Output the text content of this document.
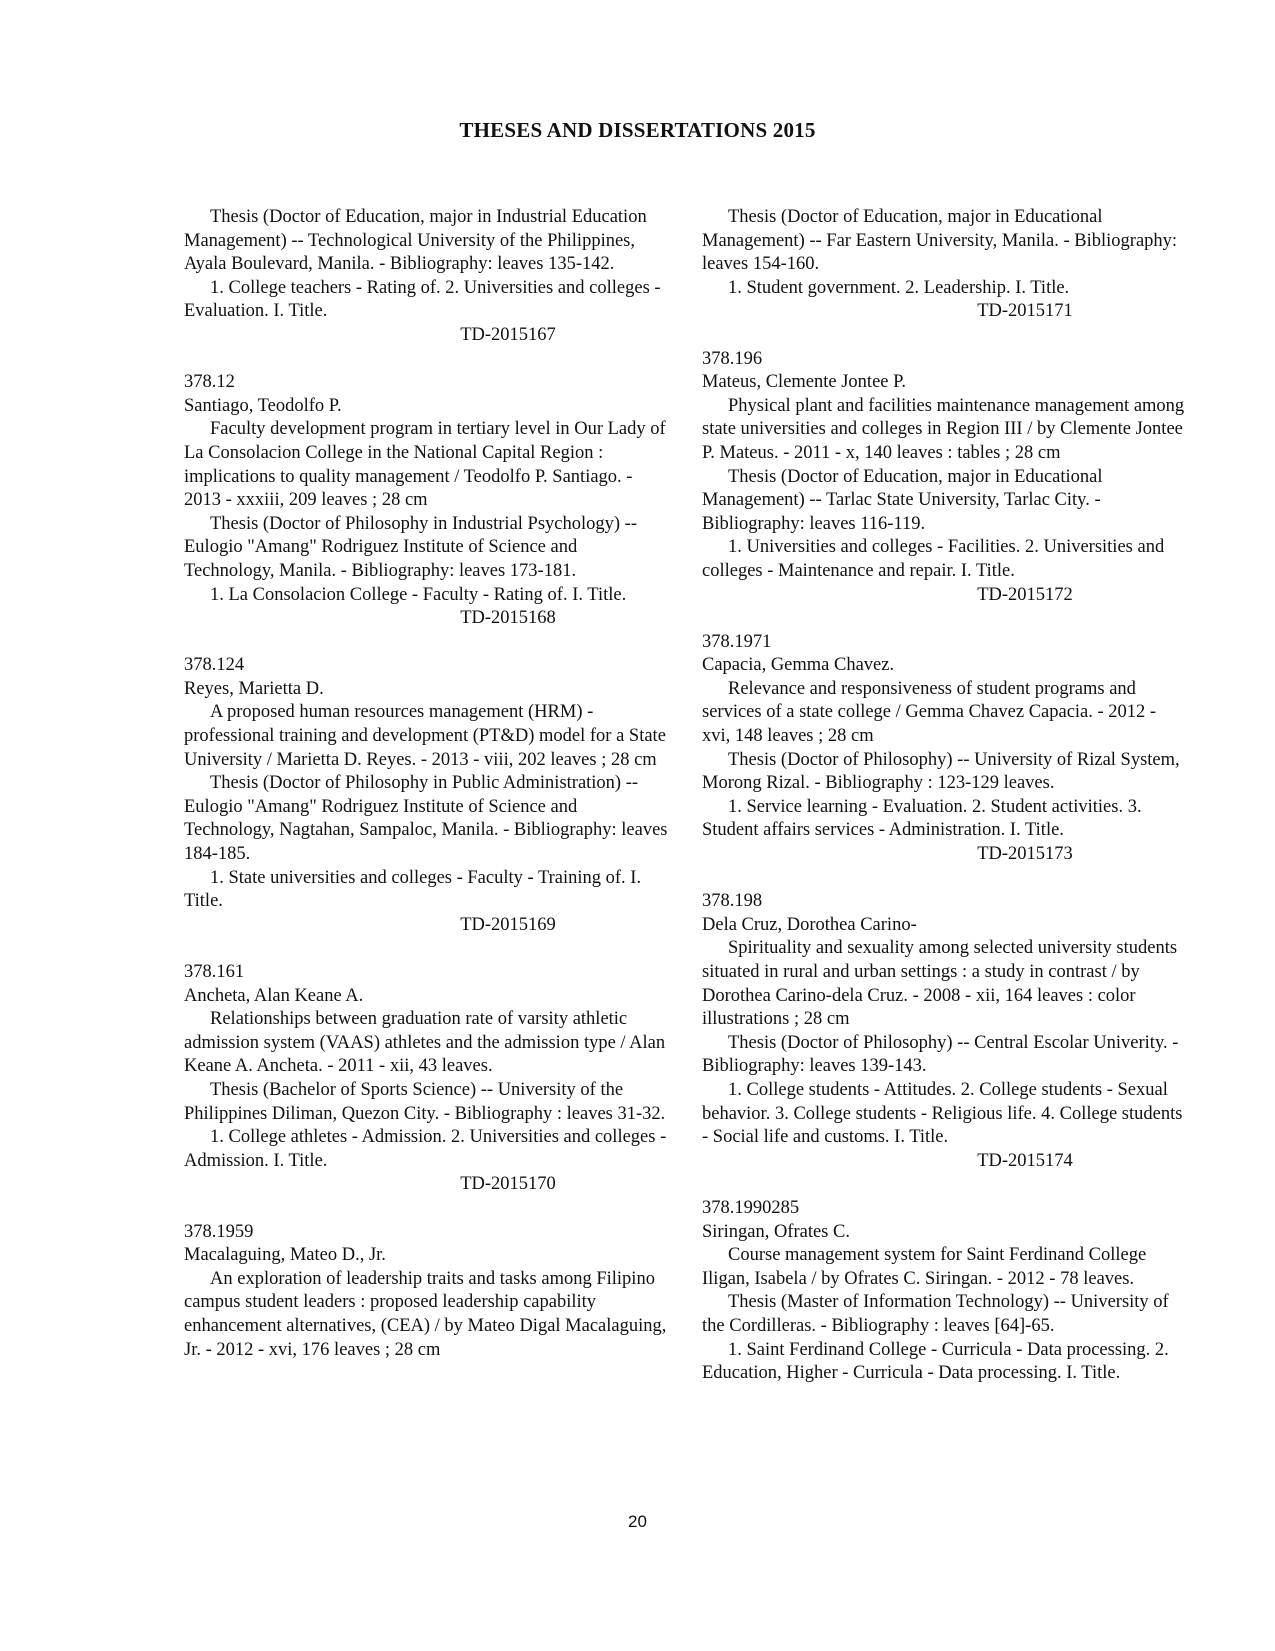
THESES AND DISSERTATIONS 2015

Thesis (Doctor of Education, major in Industrial Education Management) -- Technological University of the Philippines, Ayala Boulevard, Manila. - Bibliography: leaves 135-142.

1. College teachers - Rating of. 2. Universities and colleges - Evaluation. I. Title.

TD-2015167

378.12

Santiago, Teodolfo P.

Faculty development program in tertiary level in Our Lady of La Consolacion College in the National Capital Region : implications to quality management / Teodolfo P. Santiago. - 2013 - xxxiii, 209 leaves ; 28 cm

Thesis (Doctor of Philosophy in Industrial Psychology) -- Eulogio "Amang" Rodriguez Institute of Science and Technology, Manila. - Bibliography: leaves 173-181.

1. La Consolacion College - Faculty - Rating of. I. Title.

TD-2015168

378.124

Reyes, Marietta D.

A proposed human resources management (HRM) - professional training and development (PT&D) model for a State University / Marietta D. Reyes. - 2013 - viii, 202 leaves ; 28 cm

Thesis (Doctor of Philosophy in Public Administration) -- Eulogio "Amang" Rodriguez Institute of Science and Technology, Nagtahan, Sampaloc, Manila. - Bibliography: leaves 184-185.

1. State universities and colleges - Faculty - Training of. I. Title.

TD-2015169

378.161

Ancheta, Alan Keane A.

Relationships between graduation rate of varsity athletic admission system (VAAS) athletes and the admission type / Alan Keane A. Ancheta. - 2011 - xii, 43 leaves.

Thesis (Bachelor of Sports Science) -- University of the Philippines Diliman, Quezon City. - Bibliography : leaves 31-32.

1. College athletes - Admission. 2. Universities and colleges - Admission. I. Title.

TD-2015170

378.1959

Macalaguing, Mateo D., Jr.

An exploration of leadership traits and tasks among Filipino campus student leaders : proposed leadership capability enhancement alternatives, (CEA) / by Mateo Digal Macalaguing, Jr. - 2012 - xvi, 176 leaves ; 28 cm

Thesis (Doctor of Education, major in Educational Management) -- Far Eastern University, Manila. - Bibliography: leaves 154-160.

1. Student government. 2. Leadership. I. Title.

TD-2015171

378.196

Mateus, Clemente Jontee P.

Physical plant and facilities maintenance management among state universities and colleges in Region III / by Clemente Jontee P. Mateus. - 2011 - x, 140 leaves : tables ; 28 cm

Thesis (Doctor of Education, major in Educational Management) -- Tarlac State University, Tarlac City. - Bibliography: leaves 116-119.

1. Universities and colleges - Facilities. 2. Universities and colleges - Maintenance and repair. I. Title.

TD-2015172

378.1971

Capacia, Gemma Chavez.

Relevance and responsiveness of student programs and services of a state college / Gemma Chavez Capacia. - 2012 - xvi, 148 leaves ; 28 cm

Thesis (Doctor of Philosophy) -- University of Rizal System, Morong Rizal. - Bibliography : 123-129 leaves.

1. Service learning - Evaluation. 2. Student activities. 3. Student affairs services - Administration. I. Title.

TD-2015173

378.198

Dela Cruz, Dorothea Carino-

Spirituality and sexuality among selected university students situated in rural and urban settings : a study in contrast / by Dorothea Carino-dela Cruz. - 2008 - xii, 164 leaves : color illustrations ; 28 cm

Thesis (Doctor of Philosophy) -- Central Escolar Univerity. - Bibliography: leaves 139-143.

1. College students - Attitudes. 2. College students - Sexual behavior. 3. College students - Religious life. 4. College students - Social life and customs. I. Title.

TD-2015174

378.1990285

Siringan, Ofrates C.

Course management system for Saint Ferdinand College Iligan, Isabela / by Ofrates C. Siringan. - 2012 - 78 leaves.

Thesis (Master of Information Technology) -- University of the Cordilleras. - Bibliography : leaves [64]-65.

1. Saint Ferdinand College - Curricula - Data processing. 2. Education, Higher - Curricula - Data processing. I. Title.

20
